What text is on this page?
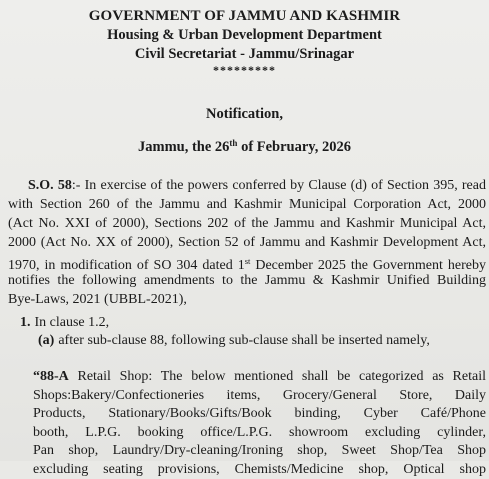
GOVERNMENT OF JAMMU AND KASHMIR
Housing & Urban Development Department
Civil Secretariat - Jammu/Srinagar
*********
Notification,
Jammu, the 26th of February, 2026
S.O. 58:- In exercise of the powers conferred by Clause (d) of Section 395, read
with Section 260 of the Jammu and Kashmir Municipal Corporation Act, 2000
(Act No. XXI of 2000), Sections 202 of the Jammu and Kashmir Municipal Act,
2000 (Act No. XX of 2000), Section 52 of Jammu and Kashmir Development Act,
1970, in modification of SO 304 dated 1st December 2025 the Government hereby
notifies the following amendments to the Jammu & Kashmir Unified Building
Bye-Laws, 2021 (UBBL-2021),
1. In clause 1.2,
(a) after sub-clause 88, following sub-clause shall be inserted namely,
“88-A Retail Shop: The below mentioned shall be categorized as Retail
Shops:Bakery/Confectioneries items, Grocery/General Store, Daily
Products, Stationary/Books/Gifts/Book binding, Cyber Café/Phone
booth, L.P.G. booking office/L.P.G. showroom excluding cylinder,
Pan shop, Laundry/Dry-cleaning/Ironing shop, Sweet Shop/Tea Shop
excluding seating provisions, Chemists/Medicine shop, Optical shop
